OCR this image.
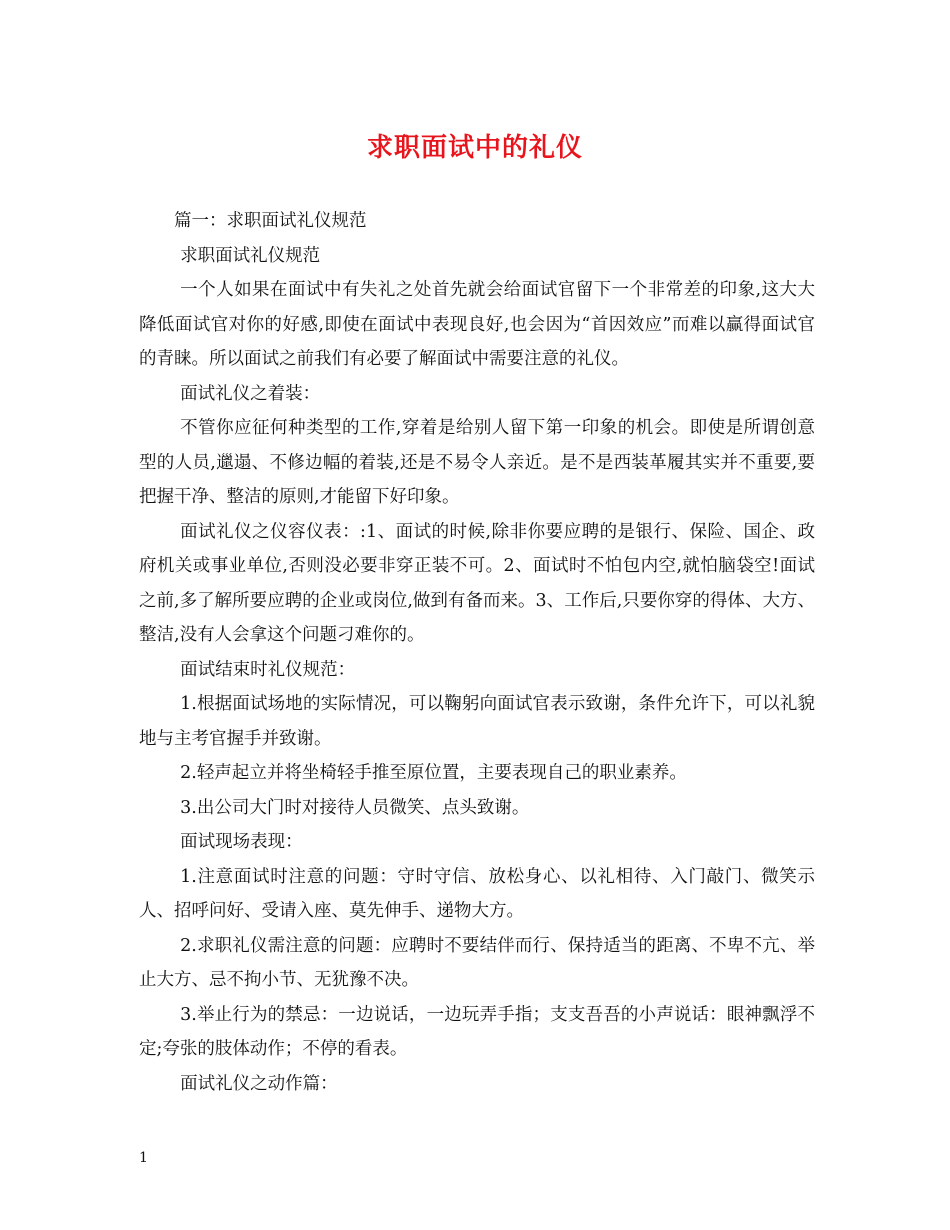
求职面试中的礼仪

篇一：求职面试礼仪规范

求职面试礼仪规范

一个人如果在面试中有失礼之处首先就会给面试官留下一个非常差的印象,这大大降低面试官对你的好感,即使在面试中表现良好,也会因为“首因效应”而难以赢得面试官的青睐。所以面试之前我们有必要了解面试中需要注意的礼仪。

面试礼仪之着装：

不管你应征何种类型的工作,穿着是给别人留下第一印象的机会。即使是所谓创意型的人员,邋遢、不修边幅的着装,还是不易令人亲近。是不是西装革履其实并不重要,要把握干净、整洁的原则,才能留下好印象。

面试礼仪之仪容仪表：:1、面试的时候,除非你要应聘的是银行、保险、国企、政府机关或事业单位,否则没必要非穿正装不可。2、面试时不怕包内空,就怕脑袋空!面试之前,多了解所要应聘的企业或岗位,做到有备而来。3、工作后,只要你穿的得体、大方、整洁,没有人会拿这个问题刁难你的。

面试结束时礼仪规范：

1.根据面试场地的实际情况，可以鞠躬向面试官表示致谢，条件允许下，可以礼貌地与主考官握手并致谢。

2.轻声起立并将坐椅轻手推至原位置，主要表现自己的职业素养。

3.出公司大门时对接待人员微笑、点头致谢。

面试现场表现：

1.注意面试时注意的问题：守时守信、放松身心、以礼相待、入门敲门、微笑示人、招呼问好、受请入座、莫先伸手、递物大方。

2.求职礼仪需注意的问题：应聘时不要结伴而行、保持适当的距离、不卑不亢、举止大方、忌不拘小节、无犹豫不决。

3.举止行为的禁忌：一边说话，一边玩弄手指；支支吾吾的小声说话：眼神飘浮不定;夸张的肢体动作；不停的看表。

面试礼仪之动作篇：

1
